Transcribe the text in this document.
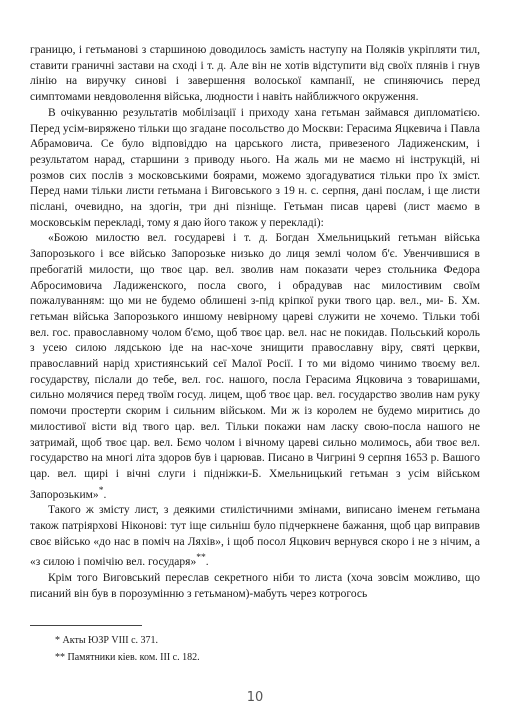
границю, і гетьманові з старшиною доводилось замість наступу на Поляків укріпляти тил, ставити граничні застави на сході і т. д. Але він не хотів відступити від своїх плянів і гнув лінію на виручку синові і завершення волоської кампанії, не спиняючись перед симптомами невдоволення війська, людности і навіть найближчого окруження.

В очікуванню результатів мобілізації і приходу хана гетьман займався дипломатією. Перед усім-виряжено тільки що згадане посольство до Москви: Герасима Яцкевича і Павла Абрамовича. Се було відповіддю на царського листа, привезеного Ладиженским, і результатом нарад, старшини з приводу нього. На жаль ми не маємо ні інструкцій, ні розмов сих послів з московськими боярами, можемо здогадуватися тільки про їх зміст. Перед нами тільки листи гетьмана і Виговського з 19 н. с. серпня, дані послам, і ще листи післані, очевидно, на здогін, три дні пізніще. Гетьман писав цареві (лист маємо в московськім перекладі, тому я даю його також у перекладі):

«Божою милостю вел. государеві і т. д. Богдан Хмельницький гетьман війська Запорозького і все військо Запорозьке низько до лиця землі чолом б'є. Увенчившися в пребогатій милости, що твоє цар. вел. зволив нам показати через стольника Федора Абросимовича Ладиженского, посла свого, і обрадував нас милостивим своїм пожалуванням: що ми не будемо облишені з-під кріпкої руки твого цар. вел., ми- Б. Хм. гетьман війська Запорозького иншому невірному цареві служити не хочемо. Тільки тобі вел. гос. православному чолом б'ємо, щоб твоє цар. вел. нас не покидав. Польський король з усею силою лядською іде на нас-хоче знищити православну віру, святі церкви, православний нарід християнський сеї Малої Росії. І то ми відомо чинимо твоєму вел. государству, післали до тебе, вел. гос. нашого, посла Герасима Яцковича з товаришами, сильно молячися перед твоїм госуд. лицем, щоб твоє цар. вел. государство зволив нам руку помочи простерти скорим і сильним військом. Ми ж із королем не будемо миритись до милостивої вісти від твого цар. вел. Тільки покажи нам ласку свою-посла нашого не затримай, щоб твоє цар. вел. Бємо чолом і вічному цареві сильно молимось, аби твоє вел. государство на многі літа здоров був і царював. Писано в Чигрині 9 серпня 1653 р. Вашого цар. вел. щирі і вічні слуги і підніжки-Б. Хмельницький гетьман з усім військом Запорозьким»*.

Такого ж змісту лист, з деякими стилістичними змінами, виписано іменем гетьмана також патріярхові Ніконові: тут іще сильніш було підчеркнене бажання, щоб цар виправив своє військо «до нас в поміч на Ляхів», і щоб посол Яцкович вернувся скоро і не з нічим, а «з силою і помічію вел. государя»**.

Крім того Виговський переслав секретного ніби то листа (хоча зовсім можливо, що писаний він був в порозумінню з гетьманом)-мабуть через котрогось

* Акты ЮЗР VIII с. 371.

** Памятники кіев. ком. III с. 182.

10
